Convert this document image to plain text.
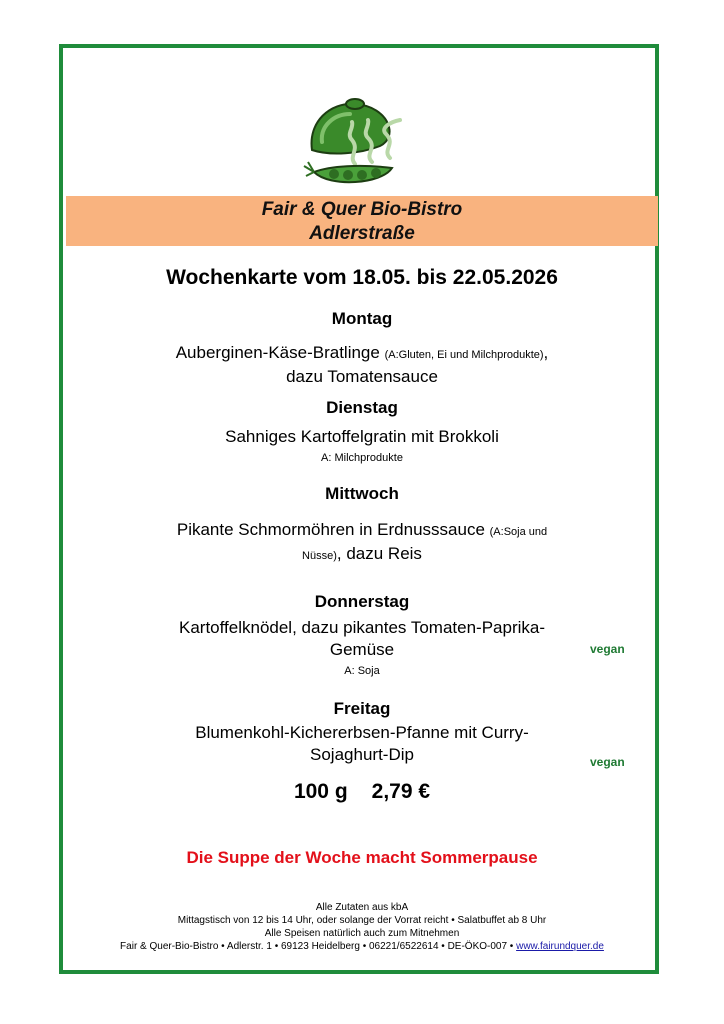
Fair & Quer Bio-Bistro
Adlerstraße
Wochenkarte vom 18.05. bis 22.05.2026
Montag
Auberginen-Käse-Bratlinge (A:Gluten, Ei und Milchprodukte),
dazu Tomatensauce
Dienstag
Sahniges Kartoffelgratin mit Brokkoli
A: Milchprodukte
Mittwoch
Pikante Schmormöhren in Erdnusssauce (A:Soja und
Nüsse), dazu Reis
Donnerstag
Kartoffelknödel, dazu pikantes Tomaten-Paprika-
Gemüse
A: Soja
vegan
Freitag
Blumenkohl-Kichererbsen-Pfanne mit Curry-
Sojaghurt-Dip	vegan
100 g 2,79 €
Die Suppe der Woche macht Sommerpause
Alle Zutaten aus kbA
Mittagstisch von 12 bis 14 Uhr, oder solange der Vorrat reicht • Salatbuffet ab 8 Uhr
Alle Speisen natürlich auch zum Mitnehmen
Fair & Quer-Bio-Bistro • Adlerstr. 1 • 69123 Heidelberg • 06221/6522614 • DE-ÖKO-007 • www.fairundquer.de
